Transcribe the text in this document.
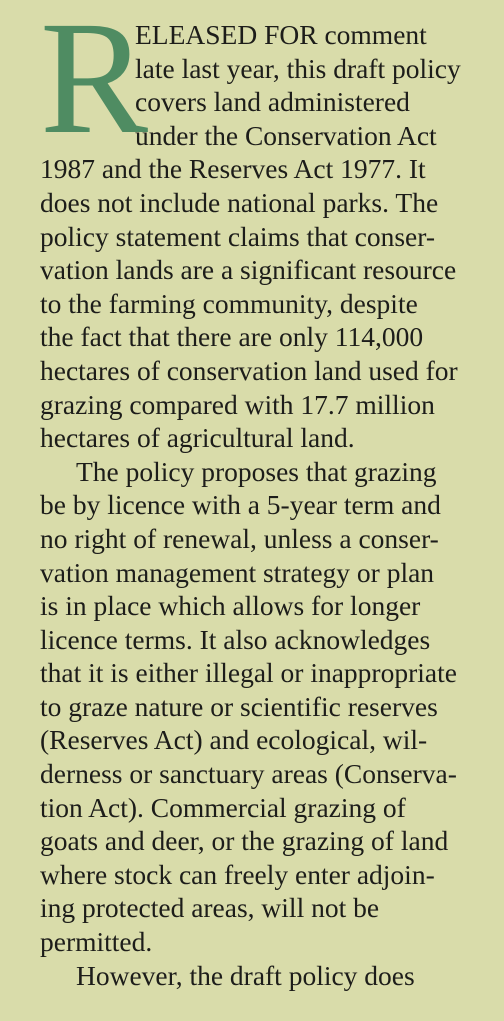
R
ELEASED FOR comment
late last year, this draft policy
covers land administered
under the Conservation Act
1987 and the Reserves Act 1977. It
does not include national parks. The
policy statement claims that conser-
vation lands are a significant resource
to the farming community, despite
the fact that there are only 114,000
hectares of conservation land used for
grazing compared with 17.7 million
hectares of agricultural land.
The policy proposes that grazing
be by licence with a 5-year term and
no right of renewal, unless a conser-
vation management strategy or plan
is in place which allows for longer
licence terms. It also acknowledges
that it is either illegal or inappropriate
to graze nature or scientific reserves
(Reserves Act) and ecological, wil-
derness or sanctuary areas (Conserva-
tion Act). Commercial grazing of
goats and deer, or the grazing of land
where stock can freely enter adjoin-
ing protected areas, will not be
permitted.
However, the draft policy does
